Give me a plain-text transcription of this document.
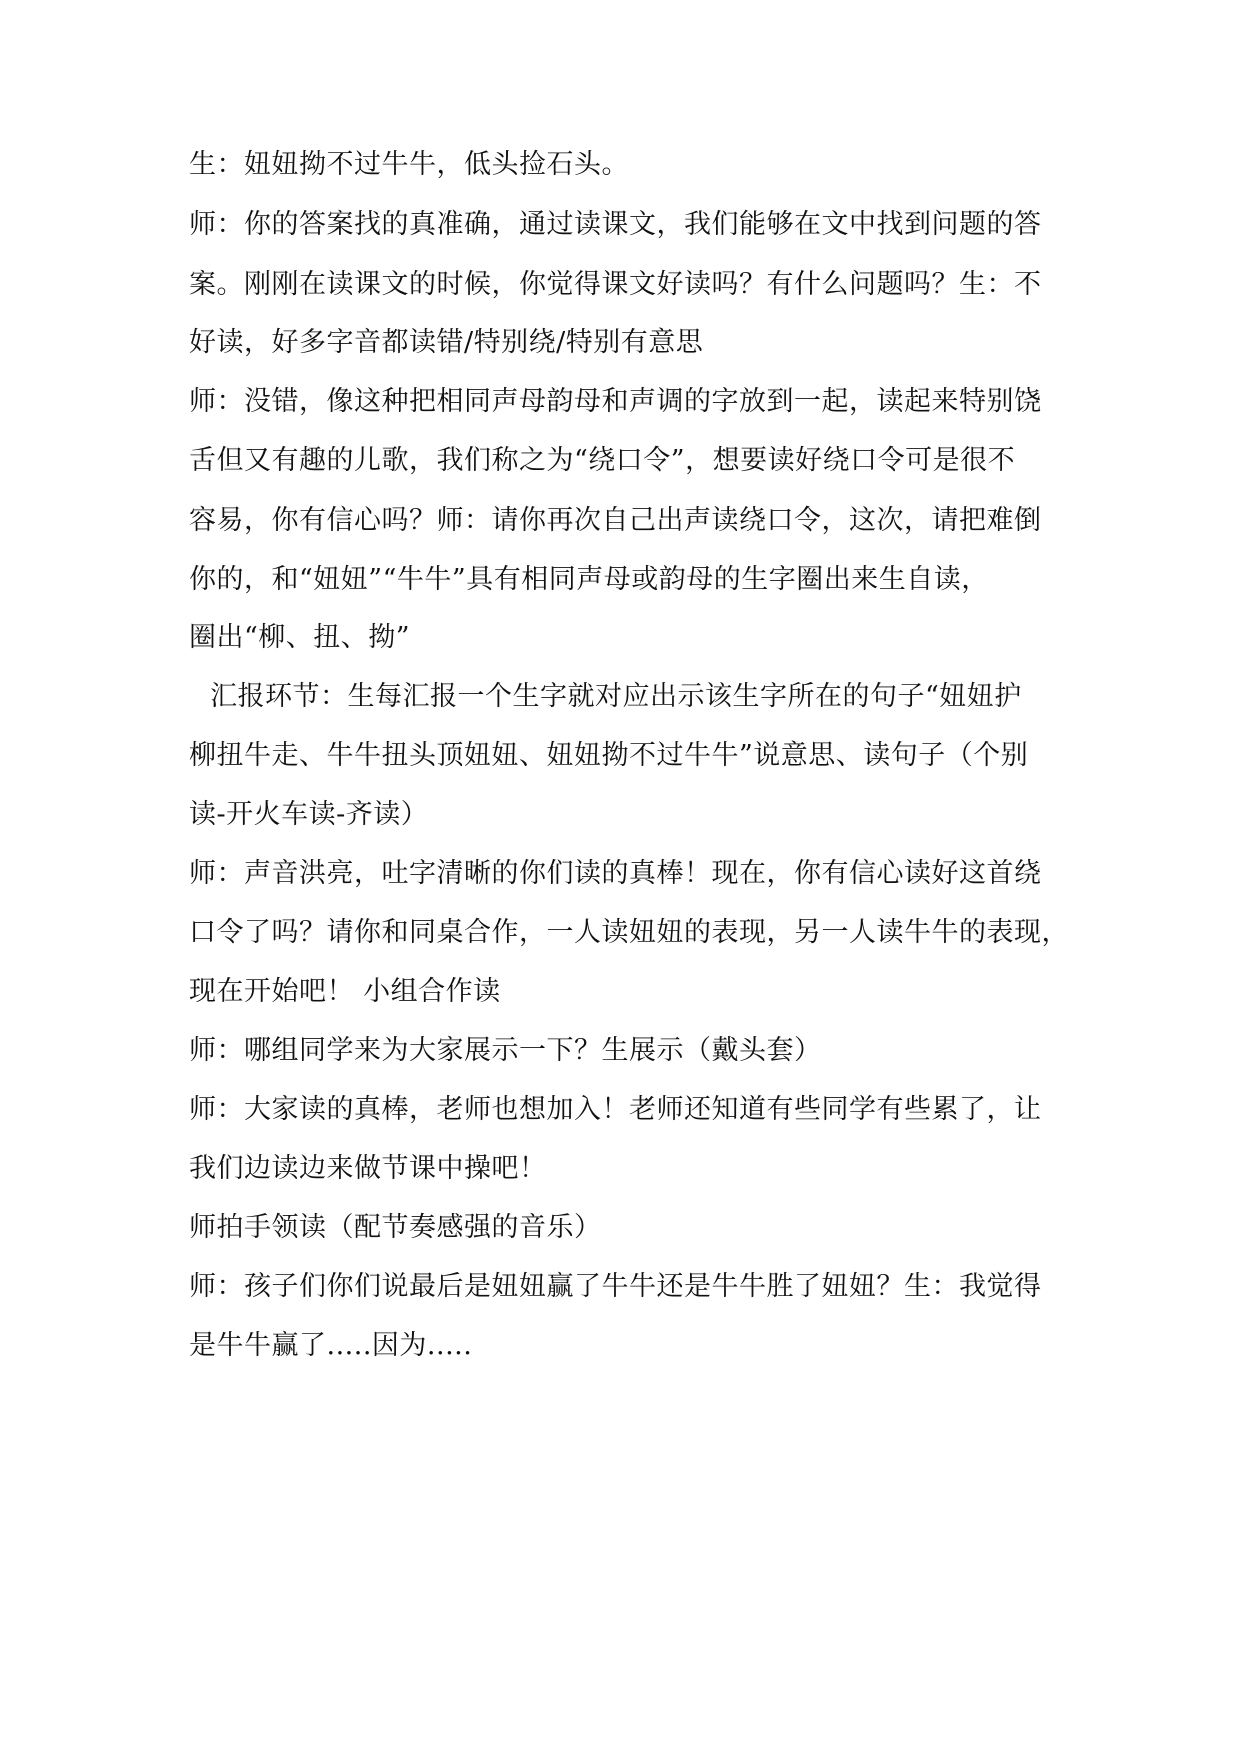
生：妞妞拗不过牛牛，低头捡石头。
师：你的答案找的真准确，通过读课文，我们能够在文中找到问题的答
案。刚刚在读课文的时候，你觉得课文好读吗？有什么问题吗？生：不
好读，好多字音都读错/特别绕/特别有意思
师：没错，像这种把相同声母韵母和声调的字放到一起，读起来特别饶
舌但又有趣的儿歌，我们称之为“绕口令”，想要读好绕口令可是很不
容易，你有信心吗？师：请你再次自己出声读绕口令，这次，请把难倒
你的，和“妞妞”“牛牛”具有相同声母或韵母的生字圈出来生自读，
圈出“柳、扭、拗”
汇报环节：生每汇报一个生字就对应出示该生字所在的句子“妞妞护
柳扭牛走、牛牛扭头顶妞妞、妞妞拗不过牛牛”说意思、读句子（个别
读-开火车读-齐读）
师：声音洪亮，吐字清晰的你们读的真棒！现在，你有信心读好这首绕
口令了吗？请你和同桌合作，一人读妞妞的表现，另一人读牛牛的表现，
现在开始吧！ 小组合作读
师：哪组同学来为大家展示一下？生展示（戴头套）
师：大家读的真棒，老师也想加入！老师还知道有些同学有些累了，让
我们边读边来做节课中操吧！
师拍手领读（配节奏感强的音乐）
师：孩子们你们说最后是妞妞赢了牛牛还是牛牛胜了妞妞？生：我觉得
是牛牛赢了.....因为.....
